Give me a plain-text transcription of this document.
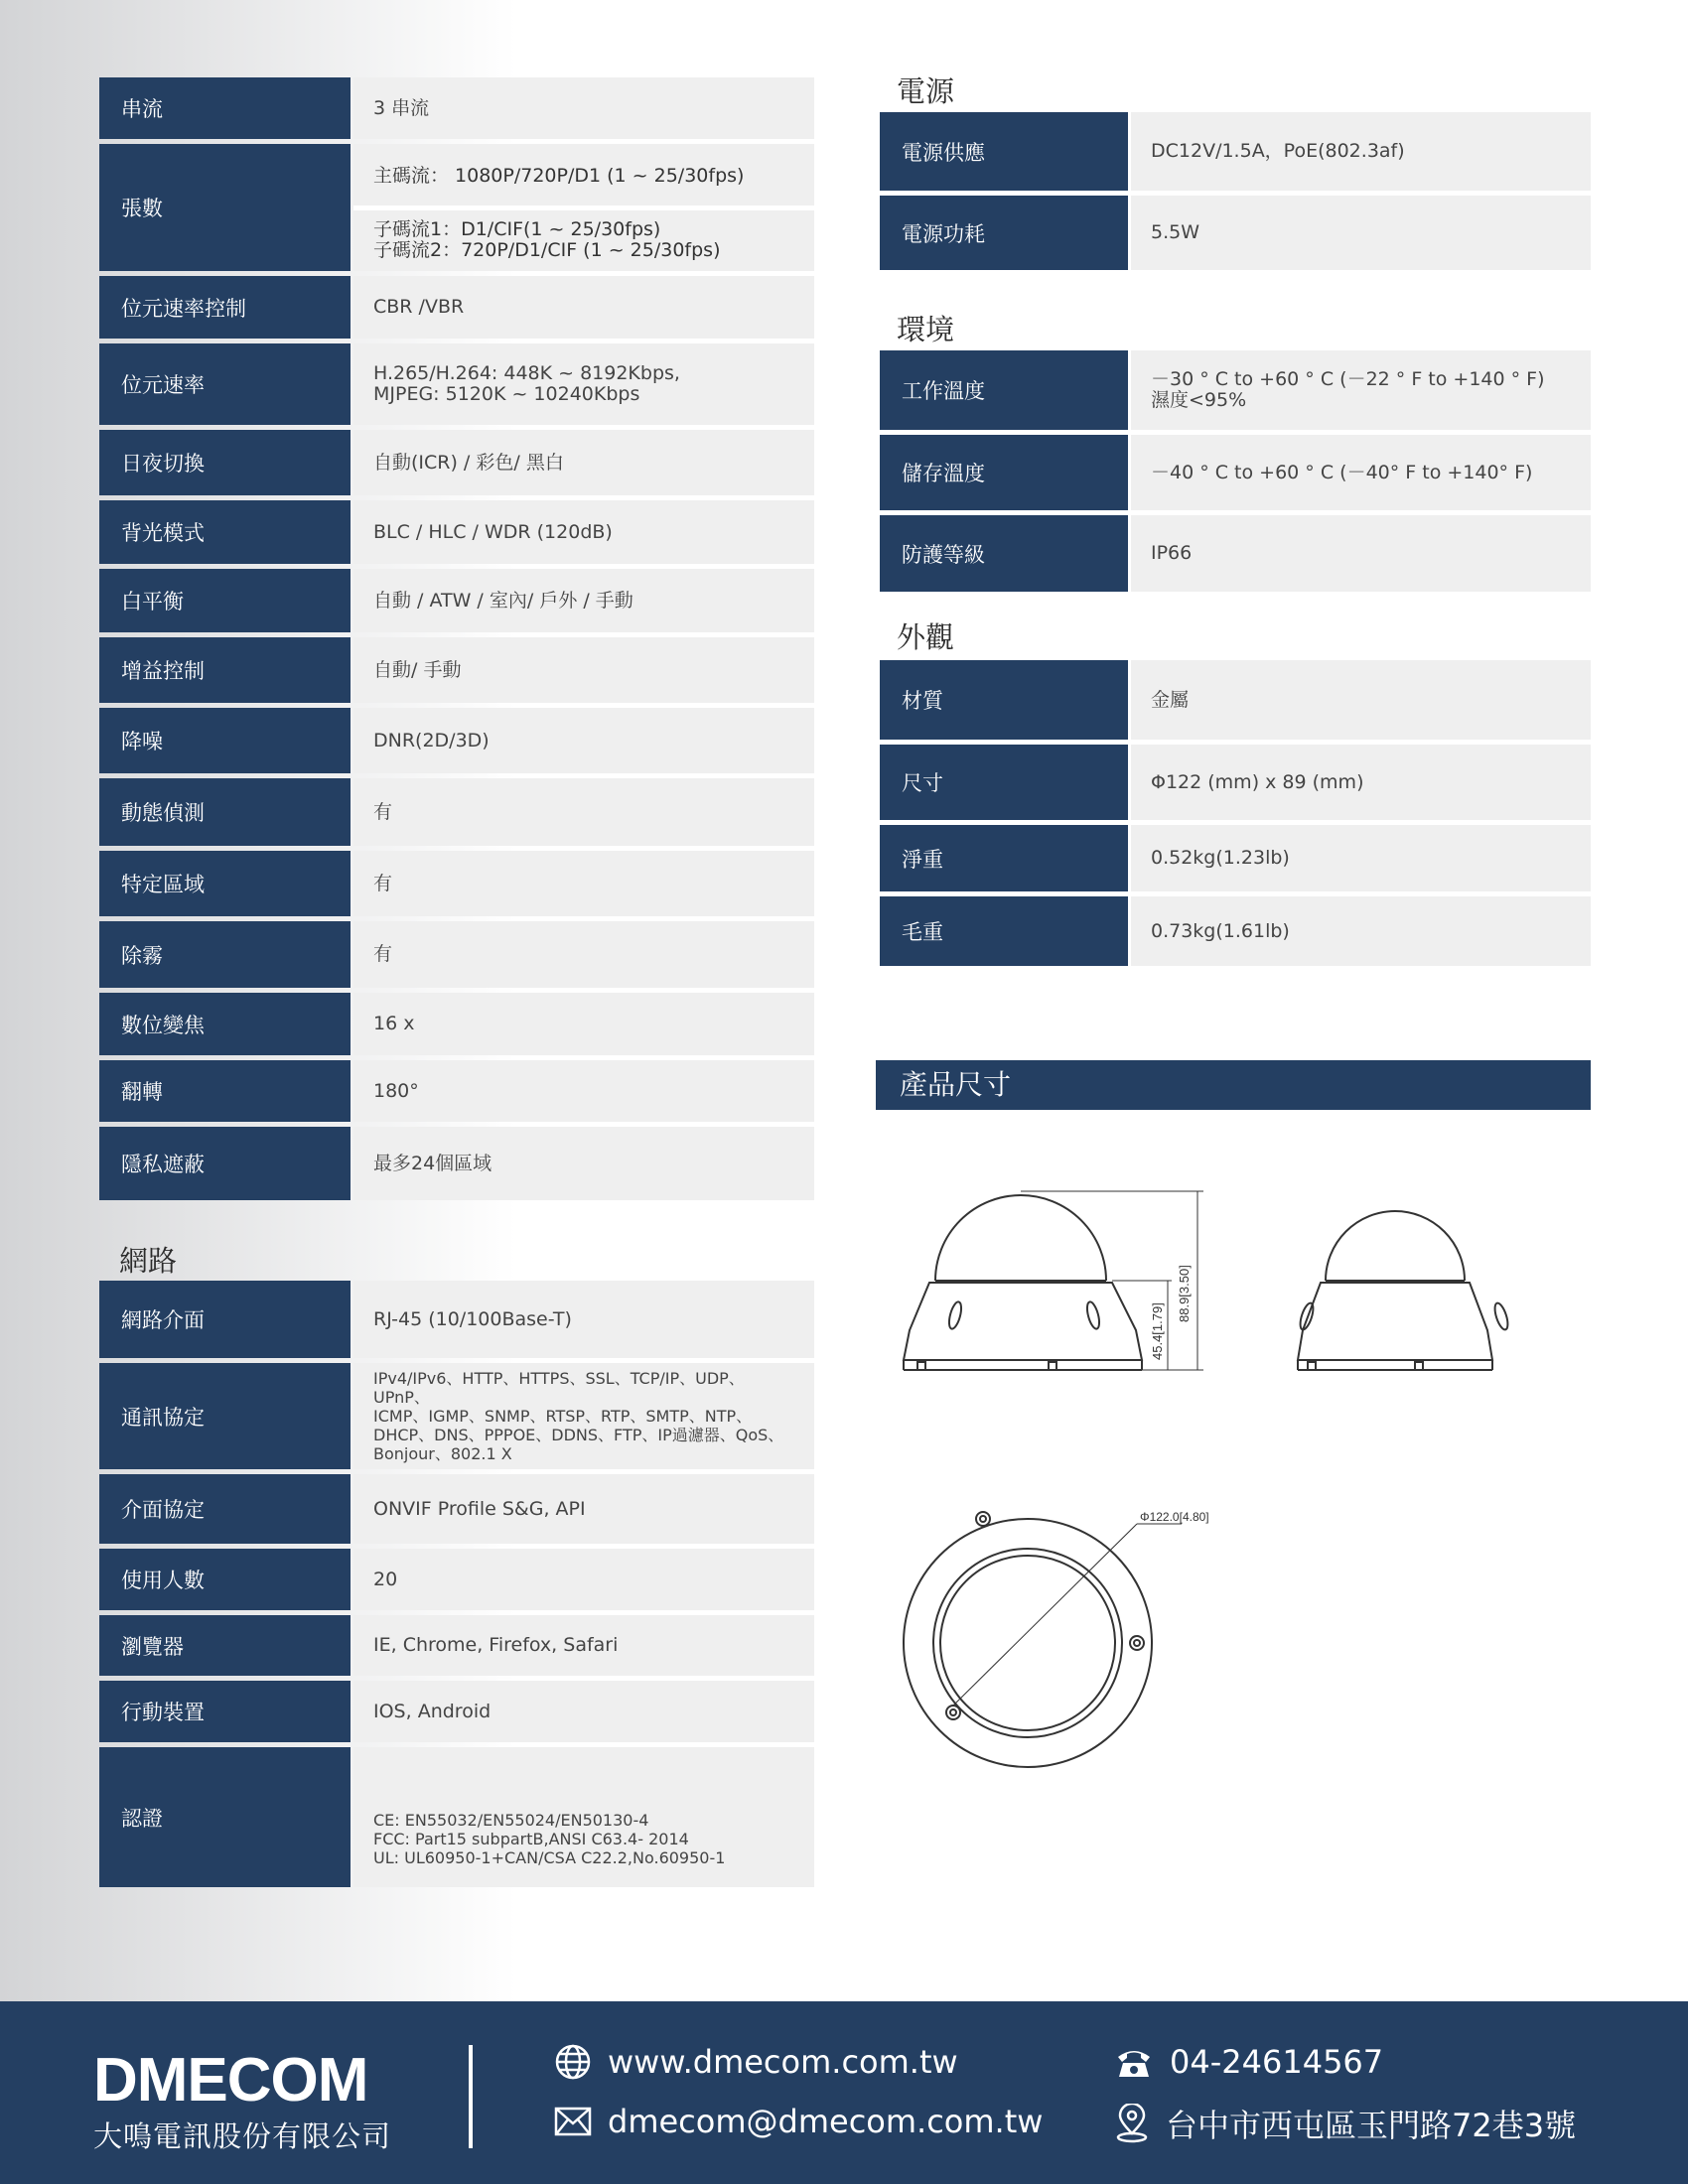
串流		3 串流
張數		主碼流： 1080P/720P/D1 (1 ~ 25/30fps)
子碼流1：D1/CIF(1 ~ 25/30fps)
子碼流2：720P/D1/CIF (1 ~ 25/30fps)

位元速率控制		CBR /VBR
位元速率		H.265/H.264: 448K ~ 8192Kbps,
MJPEG: 5120K ~ 10240Kbps
日夜切換		自動(ICR) / 彩色/ 黑白
背光模式		BLC / HLC / WDR (120dB)
白平衡		自動 / ATW / 室內/ 戶外 / 手動
增益控制		自動/ 手動
降噪		DNR(2D/3D)
動態偵測		有
特定區域		有
除霧		有
數位變焦		16 x
翻轉		180°
隱私遮蔽		最多24個區域
網路
網路介面		RJ-45 (10/100Base-T)
通訊協定		IPv4/IPv6、HTTP、HTTPS、SSL、TCP/IP、UDP、UPnP、
ICMP、IGMP、SNMP、RTSP、RTP、SMTP、NTP、
DHCP、DNS、PPPOE、DDNS、FTP、IP過濾器、QoS、
Bonjour、802.1 X
介面協定		ONVIF Profile S&G, API
使用人數		20
瀏覽器		IE, Chrome, Firefox, Safari
行動裝置		IOS, Android
認證		CE: EN55032/EN55024/EN50130-4
FCC: Part15 subpartB,ANSI C63.4- 2014
UL: UL60950-1+CAN/CSA C22.2,No.60950-1
電源
電源供應		DC12V/1.5A，PoE(802.3af)
電源功耗		5.5W
環境
工作溫度		－30 ° C to +60 ° C (－22 ° F to +140 ° F)
濕度<95%
儲存溫度		－40 ° C to +60 ° C (－40° F to +140° F)
防護等級		IP66
外觀
材質		金屬
尺寸		Φ122 (mm) x 89 (mm)
淨重		0.52kg(1.23lb)
毛重		0.73kg(1.61lb)
產品尺寸
88.9[3.50]
45.4[1.79]
Φ122.0[4.80]
DMECOM
大鳴電訊股份有限公司
www.dmecom.com.tw
dmecom@dmecom.com.tw
04-24614567
台中市西屯區玉門路72巷3號
